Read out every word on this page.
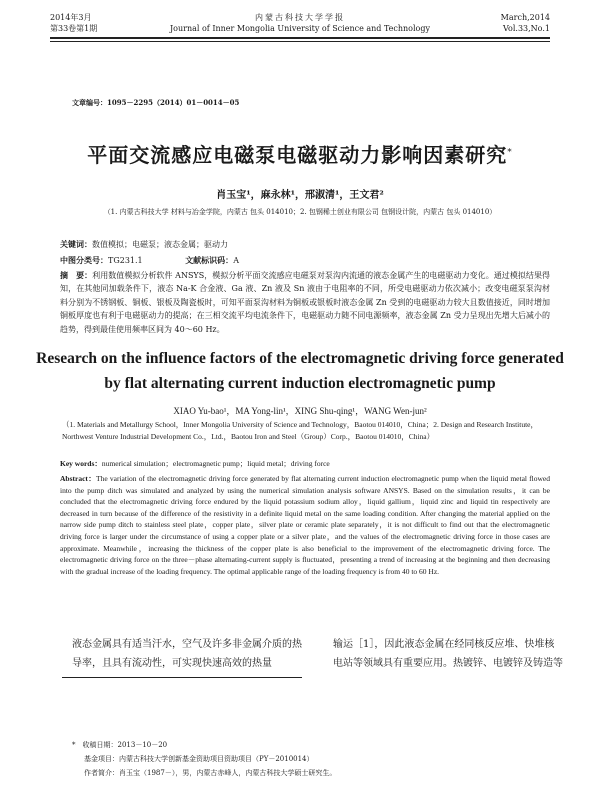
2014年3月
第33卷第1期
内蒙古科技大学学报
Journal of Inner Mongolia University of Science and Technology
March,2014
Vol.33,No.1
文章编号：1095－2295（2014）01－0014－05
平面交流感应电磁泵电磁驱动力影响因素研究*
肖玉宝¹，麻永林¹，邢淑清¹，王文君²
（1. 内蒙古科技大学 材料与冶金学院，内蒙古 包头 014010；2. 包钢稀土创业有限公司 包钢设计院，内蒙古 包头 014010）
关键词：数值模拟；电磁泵；液态金属；驱动力
中图分类号：TG231.1	文献标识码：A
摘　要：利用数值模拟分析软件 ANSYS，模拟分析平面交流感应电磁泵对泵沟内流通的液态金属产生的电磁驱动力变化。通过模拟结果得知，在其他同加载条件下，液态 Na-K 合金液、Ga 液、Zn 液及 Sn 液由于电阻率的不同，所受电磁驱动力依次减小；改变电磁泵泵沟材料分别为不锈钢板、铜板、银板及陶瓷板时，可知平面泵沟材料为铜板或银板时液态金属 Zn 受到的电磁驱动力较大且数值接近，同时增加铜板厚度也有利于电磁驱动力的提高；在三相交流平均电流条件下，电磁驱动力随不同电源频率，液态金属 Zn 受力呈现出先增大后减小的趋势，得到最佳使用频率区间为 40～60 Hz。
Research on the influence factors of the electromagnetic driving force generated by flat alternating current induction electromagnetic pump
XIAO Yu-bao¹，MA Yong-lin¹，XING Shu-qing¹，WANG Wen-jun²
（1. Materials and Metallurgy School，Inner Mongolia University of Science and Technology，Baotou 014010，China；2. Design and Research Institute，Northwest Venture Industrial Development Co.，Ltd.，Baotou Iron and Steel（Group）Corp.，Baotou 014010，China）
Key words：numerical simulation；electromagnetic pump；liquid metal；driving force
Abstract：The variation of the electromagnetic driving force generated by flat alternating current induction electromagnetic pump when the liquid metal flowed into the pump ditch was simulated and analyzed by using the numerical simulation analysis software ANSYS. Based on the simulation results，it can be concluded that the electromagnetic driving force endured by the liquid potassium sodium alloy，liquid gallium，liquid zinc and liquid tin respectively are decreased in turn because of the difference of the resistivity in a definite liquid metal on the same loading condition. After changing the material applied on the narrow side pump ditch to stainless steel plate，copper plate，silver plate or ceramic plate separately，it is not difficult to find out that the electromagnetic driving force is larger under the circumstance of using a copper plate or a silver plate，and the values of the electromagnetic driving force in those cases are approximate. Meanwhile，increasing the thickness of the copper plate is also beneficial to the improvement of the electromagnetic driving force. The electromagnetic driving force on the three－phase alternating-current supply is fluctuated，presenting a trend of increasing at the beginning and then decreasing with the gradual increase of the loading frequency. The optimal applicable range of the loading frequency is from 40 to 60 Hz.
液态金属具有适当汗水，空气及许多非金属介质的热导率，且具有流动性，可实现快速高效的热量
输运［1］，因此液态金属在经同核反应堆、快堆核电站等领域具有重要应用。热镀锌、电镀锌及铸造等
*　收稿日期：2013－10－20
基金项目：内蒙古科技大学创新基金资助项目资助项目（PY－2010014）
作者简介：肖玉宝（1987－），男，内蒙古赤峰人，内蒙古科技大学硕士研究生。
